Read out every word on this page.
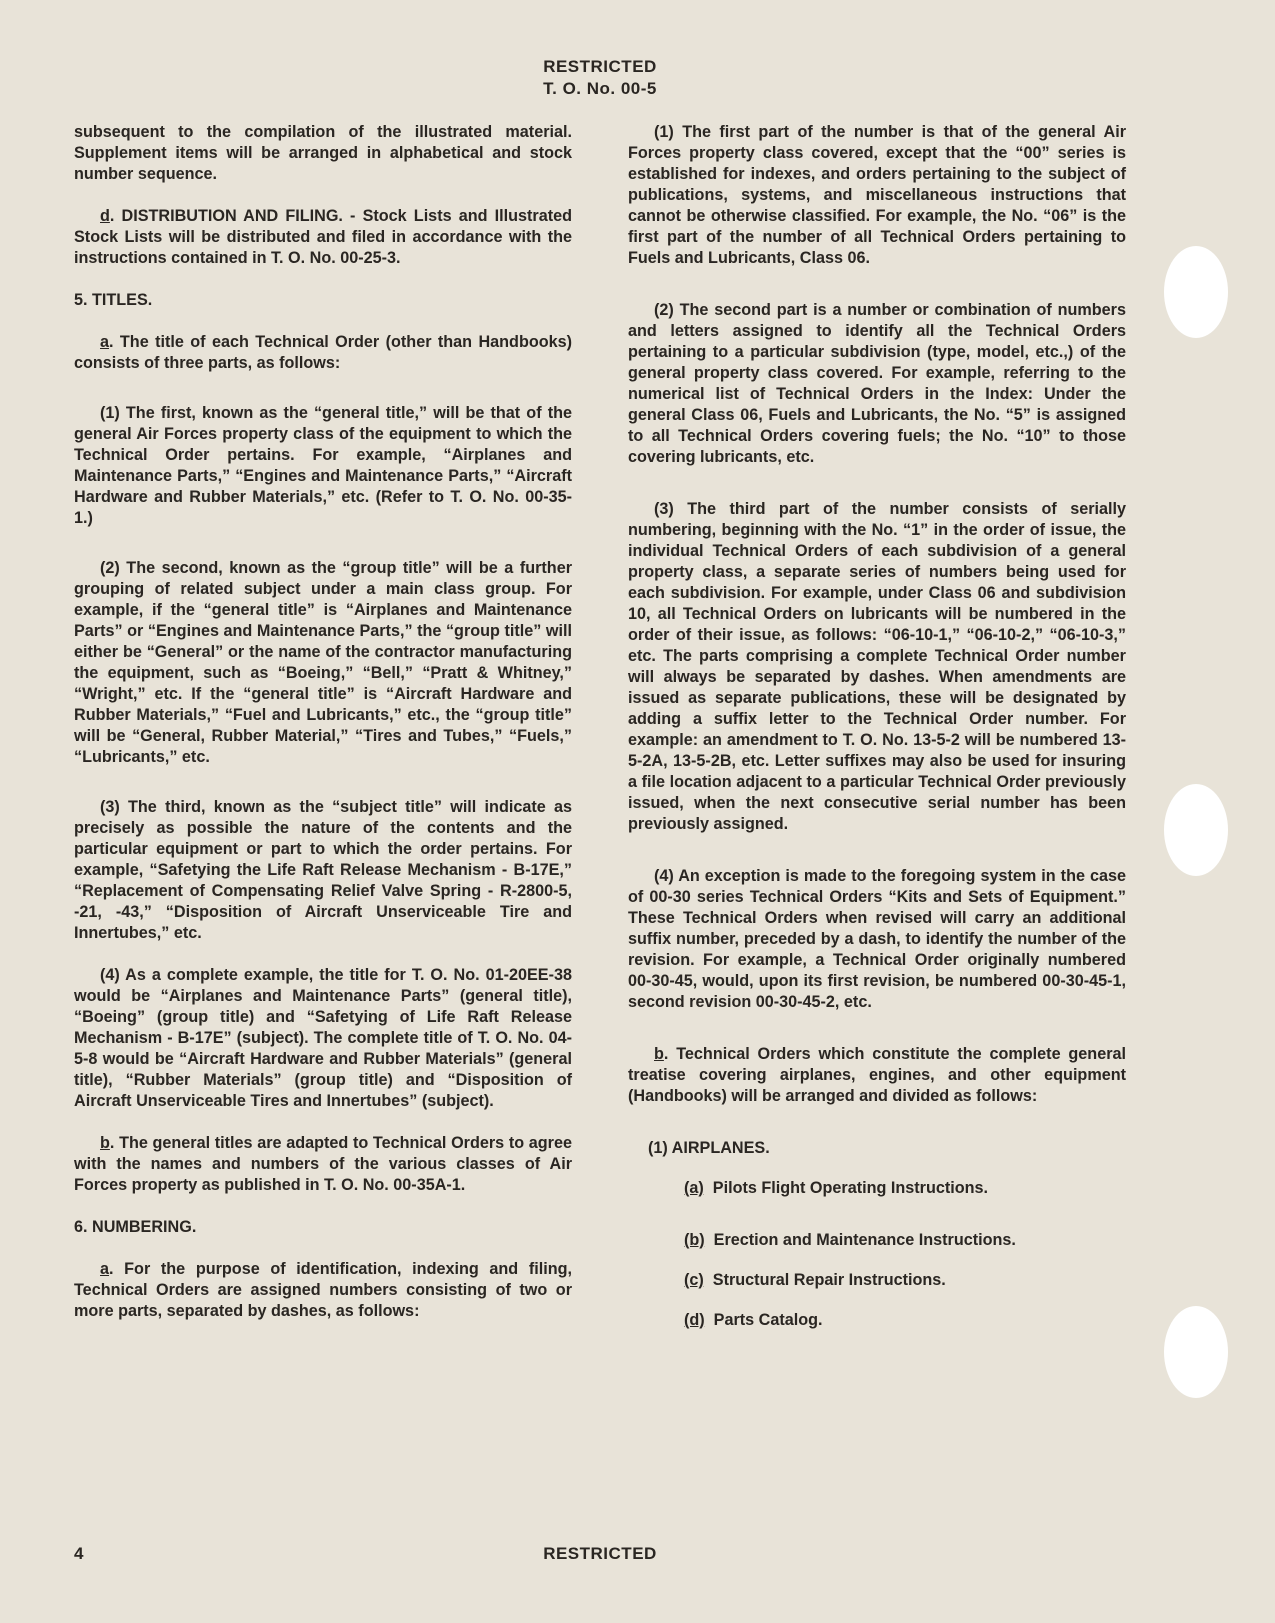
RESTRICTED
T. O. No. 00-5

subsequent to the compilation of the illustrated material. Supplement items will be arranged in alphabetical and stock number sequence.

d. DISTRIBUTION AND FILING. - Stock Lists and Illustrated Stock Lists will be distributed and filed in accordance with the instructions contained in T. O. No. 00-25-3.

5. TITLES.

a. The title of each Technical Order (other than Handbooks) consists of three parts, as follows:

(1) The first, known as the “general title,” will be that of the general Air Forces property class of the equipment to which the Technical Order pertains. For example, “Airplanes and Maintenance Parts,” “Engines and Maintenance Parts,” “Aircraft Hardware and Rubber Materials,” etc. (Refer to T. O. No. 00-35-1.)

(2) The second, known as the “group title” will be a further grouping of related subject under a main class group. For example, if the “general title” is “Airplanes and Maintenance Parts” or “Engines and Maintenance Parts,” the “group title” will either be “General” or the name of the contractor manufacturing the equipment, such as “Boeing,” “Bell,” “Pratt & Whitney,” “Wright,” etc. If the “general title” is “Aircraft Hardware and Rubber Materials,” “Fuel and Lubricants,” etc., the “group title” will be “General, Rubber Material,” “Tires and Tubes,” “Fuels,” “Lubricants,” etc.

(3) The third, known as the “subject title” will indicate as precisely as possible the nature of the contents and the particular equipment or part to which the order pertains. For example, “Safetying the Life Raft Release Mechanism - B-17E,” “Replacement of Compensating Relief Valve Spring - R-2800-5, -21, -43,” “Disposition of Aircraft Unserviceable Tire and Innertubes,” etc.

(4) As a complete example, the title for T. O. No. 01-20EE-38 would be “Airplanes and Maintenance Parts” (general title), “Boeing” (group title) and “Safetying of Life Raft Release Mechanism - B-17E” (subject). The complete title of T. O. No. 04-5-8 would be “Aircraft Hardware and Rubber Materials” (general title), “Rubber Materials” (group title) and “Disposition of Aircraft Unserviceable Tires and Innertubes” (subject).

b. The general titles are adapted to Technical Orders to agree with the names and numbers of the various classes of Air Forces property as published in T. O. No. 00-35A-1.

6. NUMBERING.

a. For the purpose of identification, indexing and filing, Technical Orders are assigned numbers consisting of two or more parts, separated by dashes, as follows:

(1) The first part of the number is that of the general Air Forces property class covered, except that the “00” series is established for indexes, and orders pertaining to the subject of publications, systems, and miscellaneous instructions that cannot be otherwise classified. For example, the No. “06” is the first part of the number of all Technical Orders pertaining to Fuels and Lubricants, Class 06.

(2) The second part is a number or combination of numbers and letters assigned to identify all the Technical Orders pertaining to a particular subdivision (type, model, etc.,) of the general property class covered. For example, referring to the numerical list of Technical Orders in the Index: Under the general Class 06, Fuels and Lubricants, the No. “5” is assigned to all Technical Orders covering fuels; the No. “10” to those covering lubricants, etc.

(3) The third part of the number consists of serially numbering, beginning with the No. “1” in the order of issue, the individual Technical Orders of each subdivision of a general property class, a separate series of numbers being used for each subdivision. For example, under Class 06 and subdivision 10, all Technical Orders on lubricants will be numbered in the order of their issue, as follows: “06-10-1,” “06-10-2,” “06-10-3,” etc. The parts comprising a complete Technical Order number will always be separated by dashes. When amendments are issued as separate publications, these will be designated by adding a suffix letter to the Technical Order number. For example: an amendment to T. O. No. 13-5-2 will be numbered 13-5-2A, 13-5-2B, etc. Letter suffixes may also be used for insuring a file location adjacent to a particular Technical Order previously issued, when the next consecutive serial number has been previously assigned.

(4) An exception is made to the foregoing system in the case of 00-30 series Technical Orders “Kits and Sets of Equipment.” These Technical Orders when revised will carry an additional suffix number, preceded by a dash, to identify the number of the revision. For example, a Technical Order originally numbered 00-30-45, would, upon its first revision, be numbered 00-30-45-1, second revision 00-30-45-2, etc.

b. Technical Orders which constitute the complete general treatise covering airplanes, engines, and other equipment (Handbooks) will be arranged and divided as follows:

(1) AIRPLANES.

(a) Pilots Flight Operating Instructions.
(b) Erection and Maintenance Instructions.
(c) Structural Repair Instructions.
(d) Parts Catalog.
4	RESTRICTED
